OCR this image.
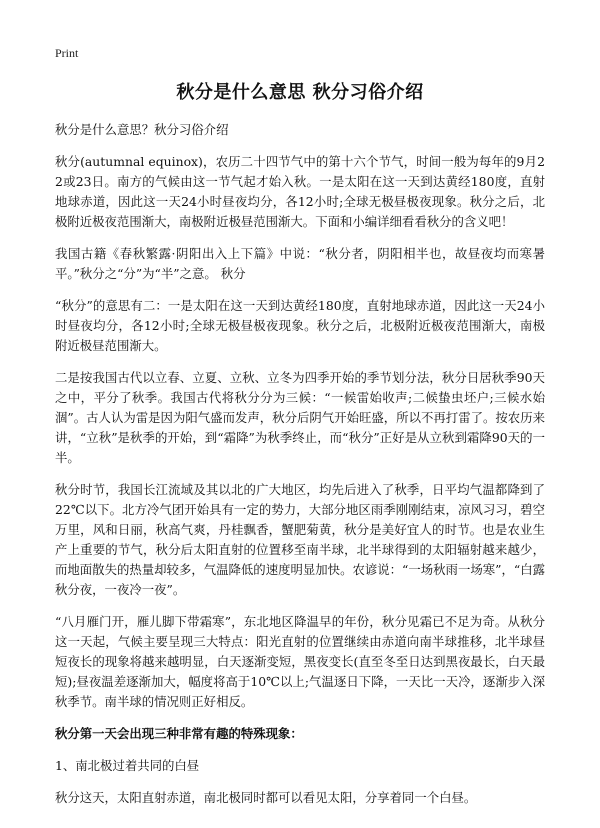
Print
秋分是什么意思 秋分习俗介绍

秋分是什么意思？秋分习俗介绍

秋分(autumnal equinox)，农历二十四节气中的第十六个节气，时间一般为每年的9月22或23日。南方的气候由这一节气起才始入秋。一是太阳在这一天到达黄经180度，直射地球赤道，因此这一天24小时昼夜均分，各12小时;全球无极昼极夜现象。秋分之后，北极附近极夜范围渐大，南极附近极昼范围渐大。下面和小编详细看看秋分的含义吧！

我国古籍《春秋繁露·阴阳出入上下篇》中说：“秋分者，阴阳相半也，故昼夜均而寒暑平。”秋分之“分”为“半”之意。 秋分

“秋分”的意思有二：一是太阳在这一天到达黄经180度，直射地球赤道，因此这一天24小时昼夜均分，各12小时;全球无极昼极夜现象。秋分之后，北极附近极夜范围渐大，南极附近极昼范围渐大。

二是按我国古代以立春、立夏、立秋、立冬为四季开始的季节划分法，秋分日居秋季90天之中，平分了秋季。我国古代将秋分分为三候：“一候雷始收声;二候蛰虫坯户;三候水始涸”。古人认为雷是因为阳气盛而发声，秋分后阴气开始旺盛，所以不再打雷了。按农历来讲，“立秋”是秋季的开始，到“霜降”为秋季终止，而“秋分”正好是从立秋到霜降90天的一半。

秋分时节，我国长江流域及其以北的广大地区，均先后进入了秋季，日平均气温都降到了22℃以下。北方冷气团开始具有一定的势力，大部分地区雨季刚刚结束，凉风习习，碧空万里，风和日丽，秋高气爽，丹桂飘香，蟹肥菊黄，秋分是美好宜人的时节。也是农业生产上重要的节气，秋分后太阳直射的位置移至南半球，北半球得到的太阳辐射越来越少，而地面散失的热量却较多，气温降低的速度明显加快。农谚说：“一场秋雨一场寒”，“白露秋分夜，一夜冷一夜”。

“八月雁门开，雁儿脚下带霜寒”，东北地区降温早的年份，秋分见霜已不足为奇。从秋分这一天起，气候主要呈现三大特点：阳光直射的位置继续由赤道向南半球推移，北半球昼短夜长的现象将越来越明显，白天逐渐变短，黑夜变长(直至冬至日达到黑夜最长，白天最短);昼夜温差逐渐加大，幅度将高于10℃以上;气温逐日下降，一天比一天冷，逐渐步入深秋季节。南半球的情况则正好相反。

秋分第一天会出现三种非常有趣的特殊现象：

1、南北极过着共同的白昼

秋分这天，太阳直射赤道，南北极同时都可以看见太阳，分享着同一个白昼。
